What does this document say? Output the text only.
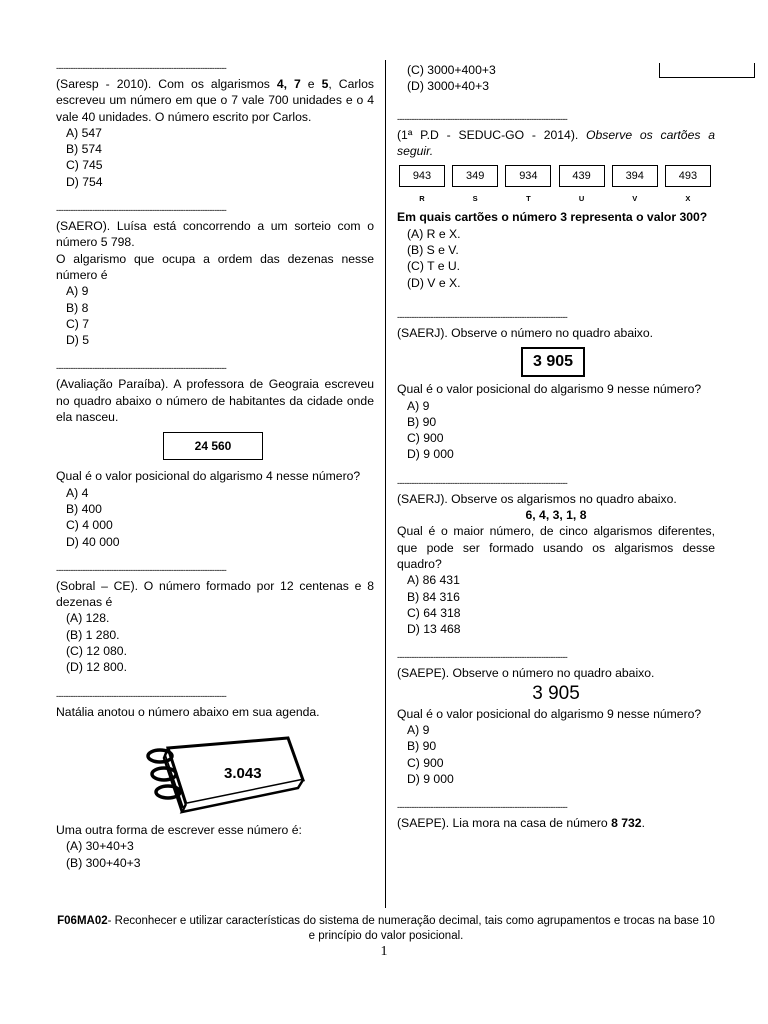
-----------------------------------------------------------------------
(Saresp - 2010). Com os algarismos 4, 7 e 5, Carlos escreveu um número em que o 7 vale 700 unidades e o 4 vale 40 unidades. O número escrito por Carlos.
A) 547
B) 574
C) 745
D) 754
-----------------------------------------------------------------------
(SAERO). Luísa está concorrendo a um sorteio com o número 5 798.
O algarismo que ocupa a ordem das dezenas nesse número é
A) 9
B) 8
C) 7
D) 5
-----------------------------------------------------------------------
(Avaliação Paraíba). A professora de Geograia escreveu no quadro abaixo o número de habitantes da cidade onde ela nasceu.
24 560
Qual é o valor posicional do algarismo 4 nesse número?
A) 4
B) 400
C) 4 000
D) 40 000
-----------------------------------------------------------------------
(Sobral – CE). O número formado por 12 centenas e 8 dezenas é
(A) 128.
(B) 1 280.
(C) 12 080.
(D) 12 800.
-----------------------------------------------------------------------
Natália anotou o número abaixo em sua agenda.
3.043
Uma outra forma de escrever esse número é:
(A) 30+40+3
(B) 300+40+3
(C) 3000+400+3
(D) 3000+40+3
-----------------------------------------------------------------------
(1ª P.D - SEDUC-GO - 2014). Observe os cartões a seguir.
943	349	934	439	394	493
R	S	T	U	V	X
Em quais cartões o número 3 representa o valor 300?
(A) R e X.
(B) S e V.
(C) T e U.
(D) V e X.
-----------------------------------------------------------------------
(SAERJ). Observe o número no quadro abaixo.
3 905
Qual é o valor posicional do algarismo 9 nesse número?
A) 9
B) 90
C) 900
D) 9 000
-----------------------------------------------------------------------
(SAERJ). Observe os algarismos no quadro abaixo.
6, 4, 3, 1, 8
Qual é o maior número, de cinco algarismos diferentes, que pode ser formado usando os algarismos desse quadro?
A) 86 431
B) 84 316
C) 64 318
D) 13 468
-----------------------------------------------------------------------
(SAEPE). Observe o número no quadro abaixo.
3 905
Qual é o valor posicional do algarismo 9 nesse número?
A) 9
B) 90
C) 900
D) 9 000
-----------------------------------------------------------------------
(SAEPE). Lia mora na casa de número 8 732.
F06MA02- Reconhecer e utilizar características do sistema de numeração decimal, tais como agrupamentos e trocas na base 10 e princípio do valor posicional.
1
